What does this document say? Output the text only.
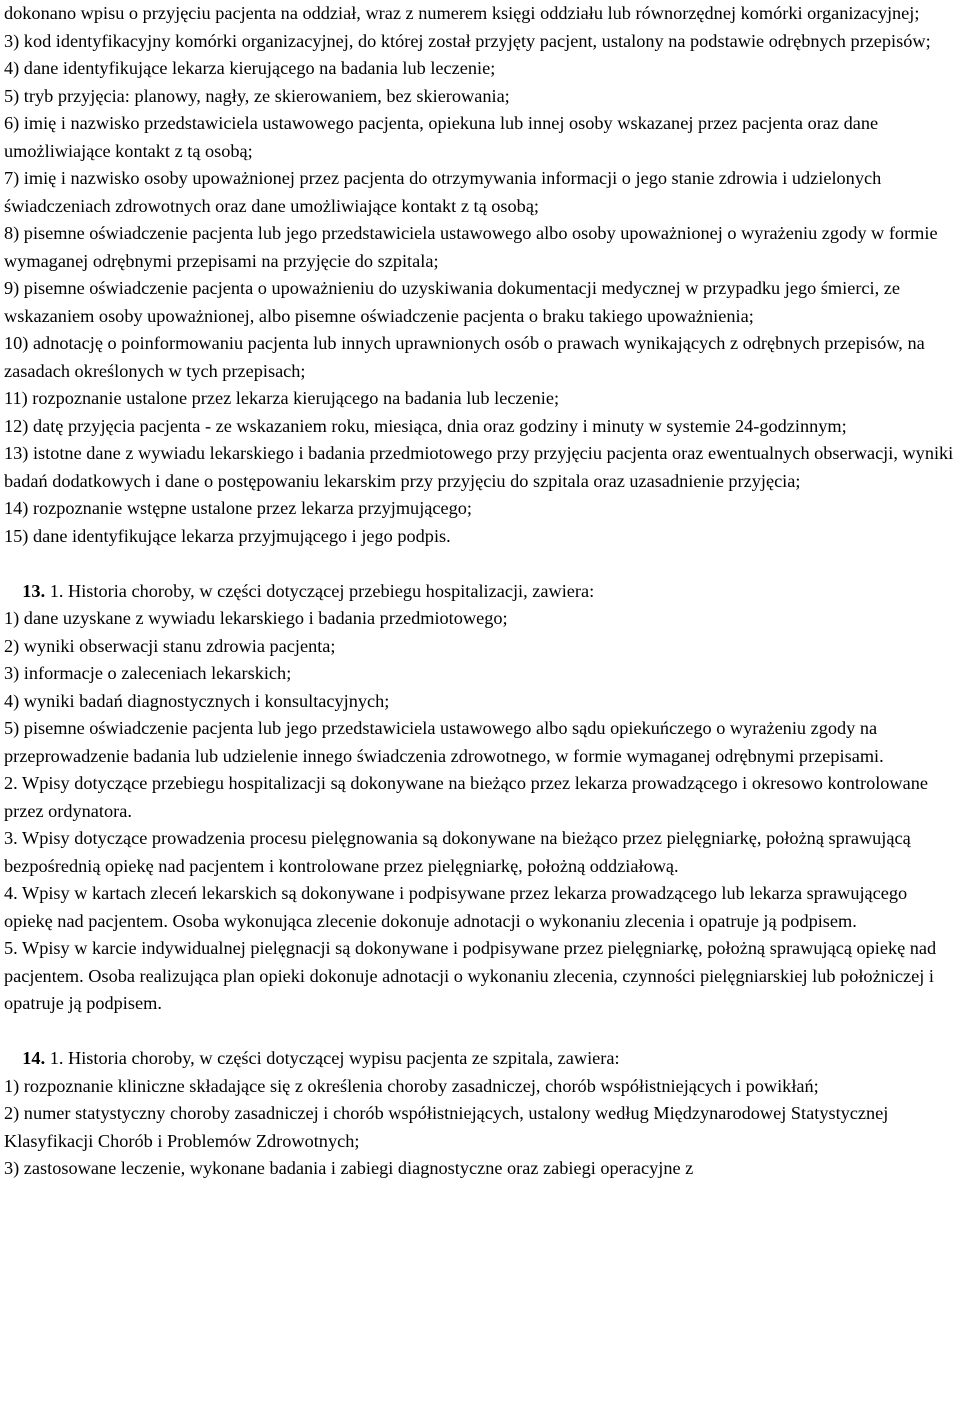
dokonano wpisu o przyjęciu pacjenta na oddział, wraz z numerem księgi oddziału lub równorzędnej komórki organizacyjnej;

3) kod identyfikacyjny komórki organizacyjnej, do której został przyjęty pacjent, ustalony na podstawie odrębnych przepisów;

4) dane identyfikujące lekarza kierującego na badania lub leczenie;

5) tryb przyjęcia: planowy, nagły, ze skierowaniem, bez skierowania;

6) imię i nazwisko przedstawiciela ustawowego pacjenta, opiekuna lub innej osoby wskazanej przez pacjenta oraz dane umożliwiające kontakt z tą osobą;

7) imię i nazwisko osoby upoważnionej przez pacjenta do otrzymywania informacji o jego stanie zdrowia i udzielonych świadczeniach zdrowotnych oraz dane umożliwiające kontakt z tą osobą;

8) pisemne oświadczenie pacjenta lub jego przedstawiciela ustawowego albo osoby upoważnionej o wyrażeniu zgody w formie wymaganej odrębnymi przepisami na przyjęcie do szpitala;

9) pisemne oświadczenie pacjenta o upoważnieniu do uzyskiwania dokumentacji medycznej w przypadku jego śmierci, ze wskazaniem osoby upoważnionej, albo pisemne oświadczenie pacjenta o braku takiego upoważnienia;

10) adnotację o poinformowaniu pacjenta lub innych uprawnionych osób o prawach wynikających z odrębnych przepisów, na zasadach określonych w tych przepisach;

11) rozpoznanie ustalone przez lekarza kierującego na badania lub leczenie;

12) datę przyjęcia pacjenta - ze wskazaniem roku, miesiąca, dnia oraz godziny i minuty w systemie 24-godzinnym;

13) istotne dane z wywiadu lekarskiego i badania przedmiotowego przy przyjęciu pacjenta oraz ewentualnych obserwacji, wyniki badań dodatkowych i dane o postępowaniu lekarskim przy przyjęciu do szpitala oraz uzasadnienie przyjęcia;

14) rozpoznanie wstępne ustalone przez lekarza przyjmującego;

15) dane identyfikujące lekarza przyjmującego i jego podpis.

13. 1. Historia choroby, w części dotyczącej przebiegu hospitalizacji, zawiera:

1) dane uzyskane z wywiadu lekarskiego i badania przedmiotowego;

2) wyniki obserwacji stanu zdrowia pacjenta;

3) informacje o zaleceniach lekarskich;

4) wyniki badań diagnostycznych i konsultacyjnych;

5) pisemne oświadczenie pacjenta lub jego przedstawiciela ustawowego albo sądu opiekuńczego o wyrażeniu zgody na przeprowadzenie badania lub udzielenie innego świadczenia zdrowotnego, w formie wymaganej odrębnymi przepisami.

2. Wpisy dotyczące przebiegu hospitalizacji są dokonywane na bieżąco przez lekarza prowadzącego i okresowo kontrolowane przez ordynatora.

3. Wpisy dotyczące prowadzenia procesu pielęgnowania są dokonywane na bieżąco przez pielęgniarkę, położną sprawującą bezpośrednią opiekę nad pacjentem i kontrolowane przez pielęgniarkę, położną oddziałową.

4. Wpisy w kartach zleceń lekarskich są dokonywane i podpisywane przez lekarza prowadzącego lub lekarza sprawującego opiekę nad pacjentem. Osoba wykonująca zlecenie dokonuje adnotacji o wykonaniu zlecenia i opatruje ją podpisem.

5. Wpisy w karcie indywidualnej pielęgnacji są dokonywane i podpisywane przez pielęgniarkę, położną sprawującą opiekę nad pacjentem. Osoba realizująca plan opieki dokonuje adnotacji o wykonaniu zlecenia, czynności pielęgniarskiej lub położniczej i opatruje ją podpisem.

14. 1. Historia choroby, w części dotyczącej wypisu pacjenta ze szpitala, zawiera:

1) rozpoznanie kliniczne składające się z określenia choroby zasadniczej, chorób współistniejących i powikłań;

2) numer statystyczny choroby zasadniczej i chorób współistniejących, ustalony według Międzynarodowej Statystycznej Klasyfikacji Chorób i Problemów Zdrowotnych;

3) zastosowane leczenie, wykonane badania i zabiegi diagnostyczne oraz zabiegi operacyjne z
